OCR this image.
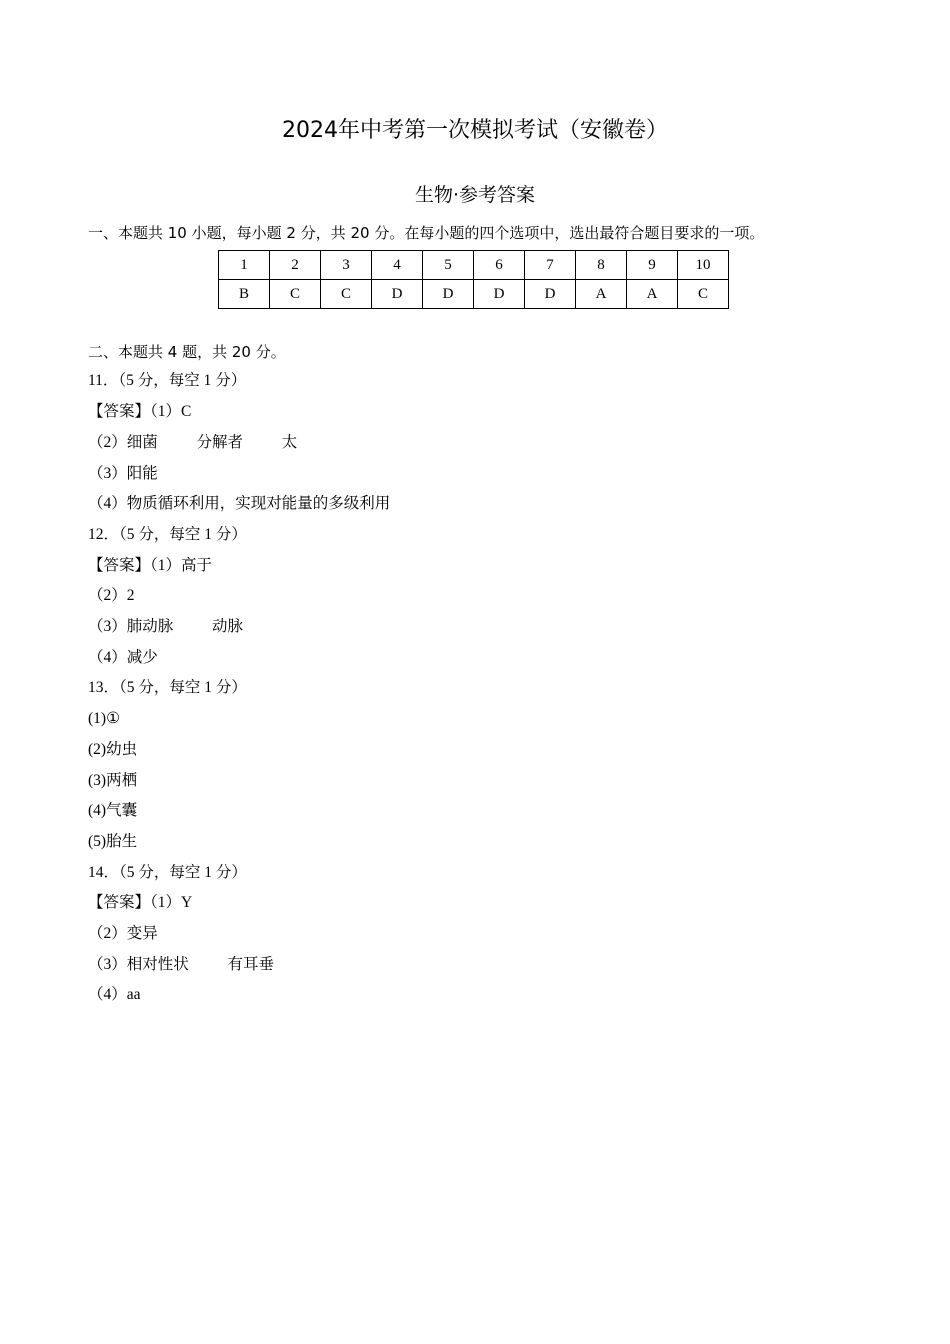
2024年中考第一次模拟考试（安徽卷）
生物·参考答案
一、本题共 10 小题，每小题 2 分，共 20 分。在每小题的四个选项中，选出最符合题目要求的一项。
1	2	3	4	5	6	7	8	9	10
B	C	C	D	D	D	D	A	A	C
二、本题共 4 题，共 20 分。
11．（5 分，每空 1 分）
【答案】（1）C
（2）细菌          分解者          太
（3）阳能
（4）物质循环利用，实现对能量的多级利用
12．（5 分，每空 1 分）
【答案】（1）高于
（2）2
（3）肺动脉          动脉
（4）减少
13．（5 分，每空 1 分）
(1)①
(2)幼虫
(3)两栖
(4)气囊
(5)胎生
14．（5 分，每空 1 分）
【答案】（1）Y
（2）变异
（3）相对性状          有耳垂
（4）aa
